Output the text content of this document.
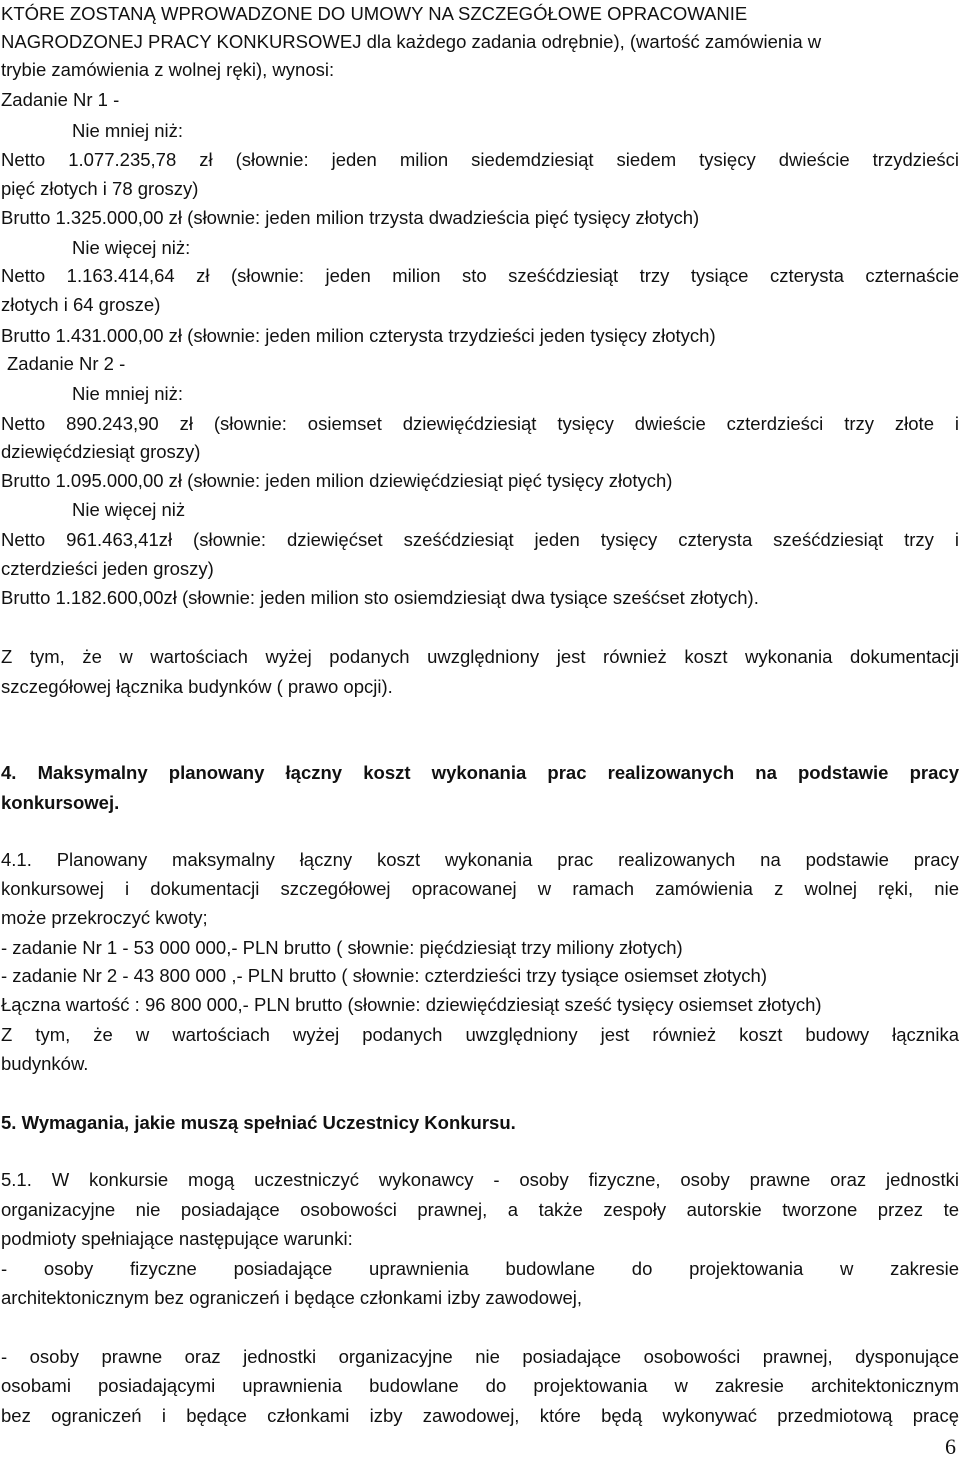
KTÓRE ZOSTANĄ WPROWADZONE DO UMOWY NA SZCZEGÓŁOWE OPRACOWANIE
NAGRODZONEJ PRACY KONKURSOWEJ dla każdego zadania odrębnie), (wartość zamówienia w
trybie zamówienia z wolnej ręki), wynosi:
Zadanie Nr 1 -
Nie mniej niż:
Netto 1.077.235,78 zł (słownie: jeden milion siedemdziesiąt siedem tysięcy dwieście trzydzieści
pięć złotych i 78 groszy)
Brutto 1.325.000,00 zł (słownie: jeden milion trzysta dwadzieścia pięć tysięcy złotych)
Nie więcej niż:
Netto 1.163.414,64 zł (słownie: jeden milion sto sześćdziesiąt trzy tysiące czterysta czternaście
złotych i 64 grosze)
Brutto 1.431.000,00 zł (słownie: jeden milion czterysta trzydzieści jeden tysięcy złotych)
Zadanie Nr 2 -
Nie mniej niż:
Netto 890.243,90 zł (słownie: osiemset dziewięćdziesiąt tysięcy dwieście czterdzieści trzy złote i
dziewięćdziesiąt groszy)
Brutto 1.095.000,00 zł (słownie: jeden milion dziewięćdziesiąt pięć tysięcy złotych)
Nie więcej niż
Netto 961.463,41zł (słownie: dziewięćset sześćdziesiąt jeden tysięcy czterysta sześćdziesiąt trzy i
czterdzieści jeden groszy)
Brutto 1.182.600,00zł (słownie: jeden milion sto osiemdziesiąt dwa tysiące sześćset złotych).
Z tym, że w wartościach wyżej podanych uwzględniony jest również koszt wykonania dokumentacji
szczegółowej łącznika budynków ( prawo opcji).
4. Maksymalny planowany łączny koszt wykonania prac realizowanych na podstawie pracy
konkursowej.
4.1. Planowany maksymalny łączny koszt wykonania prac realizowanych na podstawie pracy
konkursowej i dokumentacji szczegółowej opracowanej w ramach zamówienia z wolnej ręki, nie
może przekroczyć kwoty;
- zadanie Nr 1 - 53 000 000,- PLN brutto ( słownie: pięćdziesiąt trzy miliony złotych)
- zadanie Nr 2 - 43 800 000 ,- PLN brutto ( słownie: czterdzieści trzy tysiące osiemset złotych)
Łączna wartość : 96 800 000,- PLN brutto (słownie: dziewięćdziesiąt sześć tysięcy osiemset złotych)
Z tym, że w wartościach wyżej podanych uwzględniony jest również koszt budowy łącznika
budynków.
5. Wymagania, jakie muszą spełniać Uczestnicy Konkursu.
5.1. W konkursie mogą uczestniczyć wykonawcy - osoby fizyczne, osoby prawne oraz jednostki
organizacyjne nie posiadające osobowości prawnej, a także zespoły autorskie tworzone przez te
podmioty spełniające następujące warunki:
- osoby fizyczne posiadające uprawnienia budowlane do projektowania w zakresie
architektonicznym bez ograniczeń i będące członkami izby zawodowej,
- osoby prawne oraz jednostki organizacyjne nie posiadające osobowości prawnej, dysponujące
osobami posiadającymi uprawnienia budowlane do projektowania w zakresie architektonicznym
bez ograniczeń i będące członkami izby zawodowej, które będą wykonywać przedmiotową pracę
6
